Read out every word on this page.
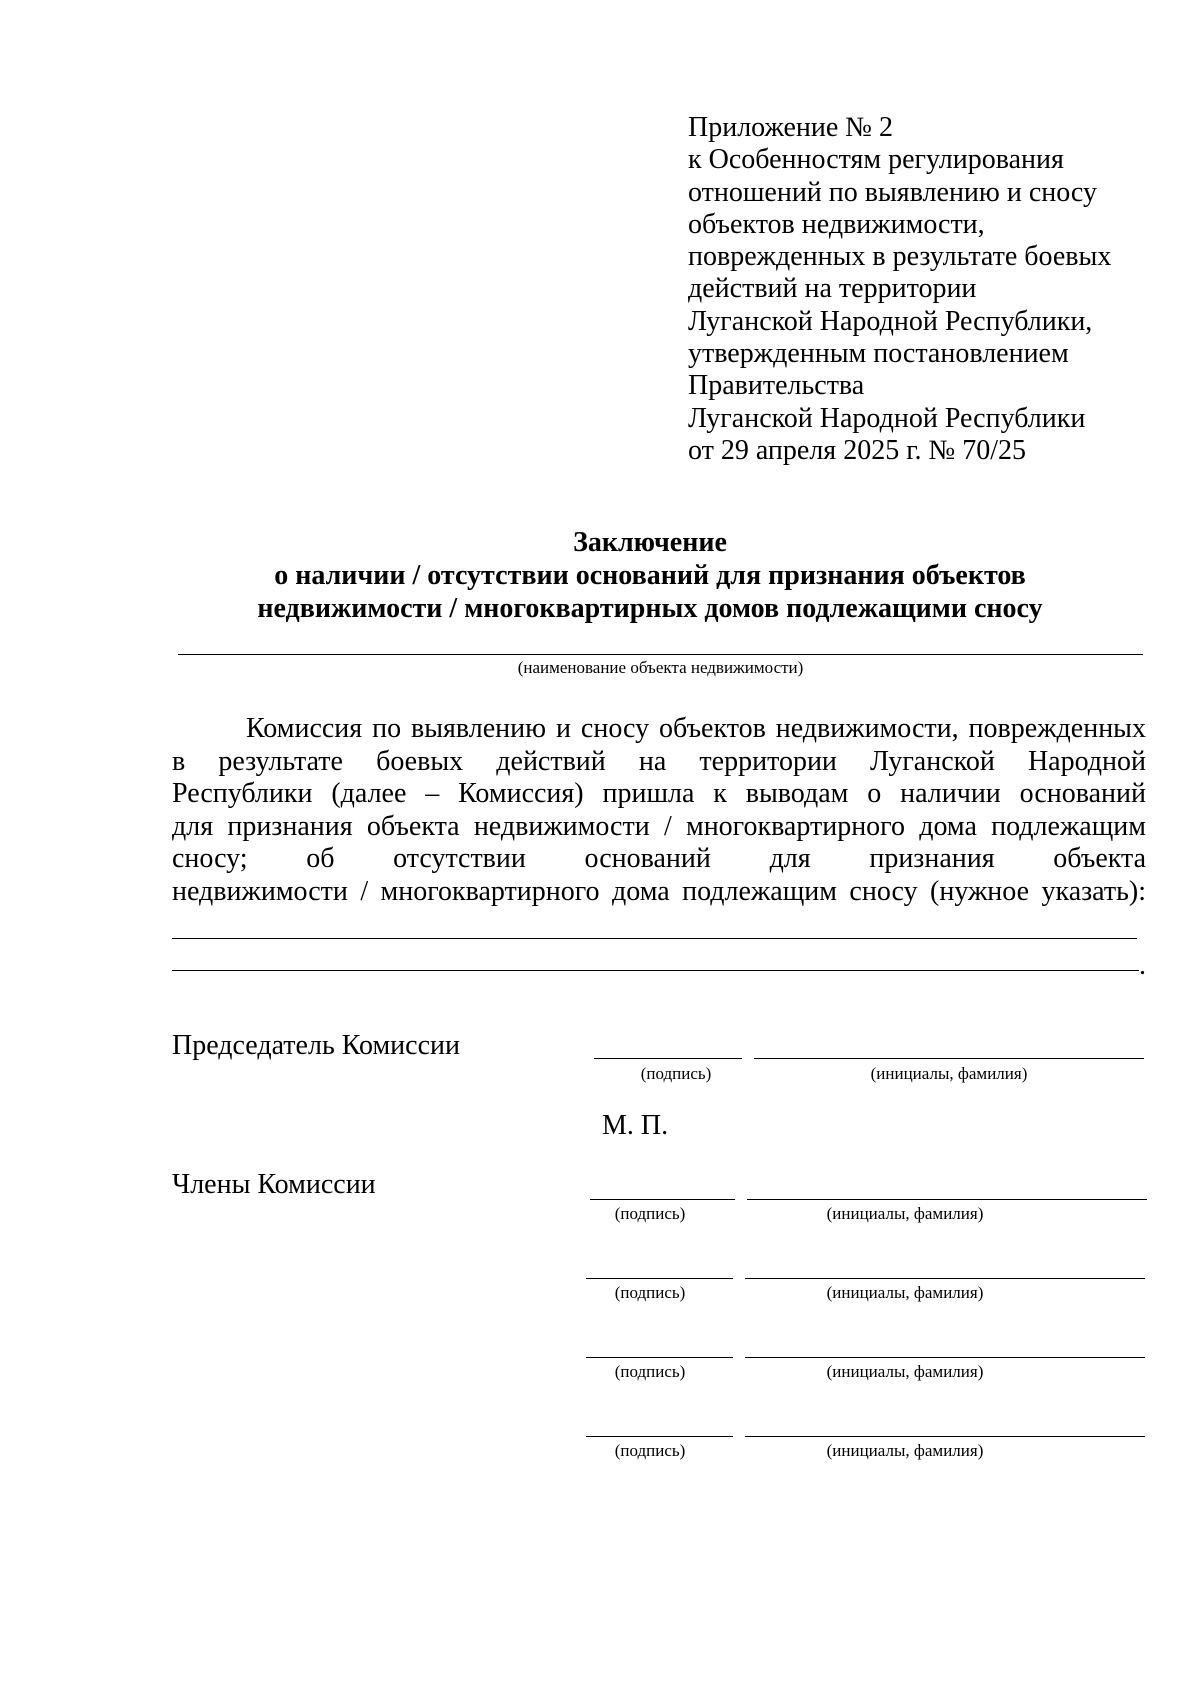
Приложение № 2
к Особенностям регулирования
отношений по выявлению и сносу
объектов недвижимости,
поврежденных в результате боевых
действий на территории
Луганской Народной Республики,
утвержденным постановлением
Правительства
Луганской Народной Республики
от 29 апреля 2025 г. № 70/25
Заключение
о наличии / отсутствии оснований для признания объектов
недвижимости / многоквартирных домов подлежащими сносу
(наименование объекта недвижимости)
Комиссия по выявлению и сносу объектов недвижимости, поврежденных
в результате боевых действий на территории Луганской Народной
Республики (далее – Комиссия) пришла к выводам о наличии оснований
для признания объекта недвижимости / многоквартирного дома подлежащим
сносу; об отсутствии оснований для признания объекта
недвижимости / многоквартирного дома подлежащим сносу (нужное указать):
.
Председатель Комиссии
(подпись)	(инициалы, фамилия)
М. П.
Члены Комиссии
(подпись)	(инициалы, фамилия)
(подпись)	(инициалы, фамилия)
(подпись)	(инициалы, фамилия)
(подпись)	(инициалы, фамилия)
